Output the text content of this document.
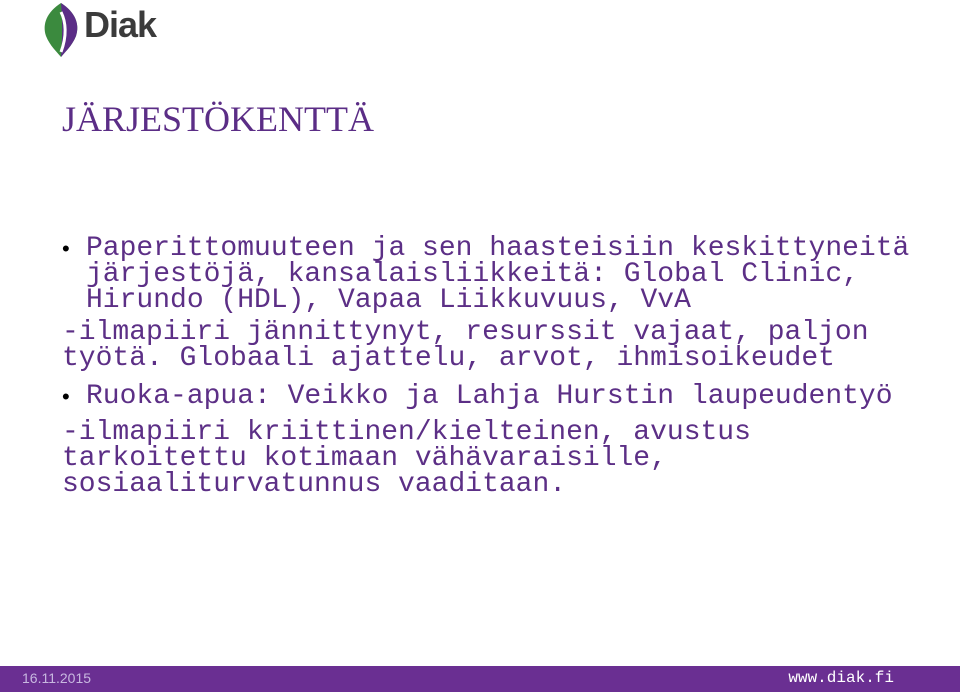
Diak
JÄRJESTÖKENTTÄ
• Paperittomuuteen ja sen haasteisiin keskittyneitä järjestöjä, kansalaisliikkeitä: Global Clinic, Hirundo (HDL), Vapaa Liikkuvuus, VvA
-ilmapiiri jännittynyt, resurssit vajaat, paljon työtä. Globaali ajattelu, arvot, ihmisoikeudet
• Ruoka-apua: Veikko ja Lahja Hurstin laupeudentyö
-ilmapiiri kriittinen/kielteinen, avustus tarkoitettu kotimaan vähävaraisille, sosiaaliturvatunnus vaaditaan.
16.11.2015	www.diak.fi
